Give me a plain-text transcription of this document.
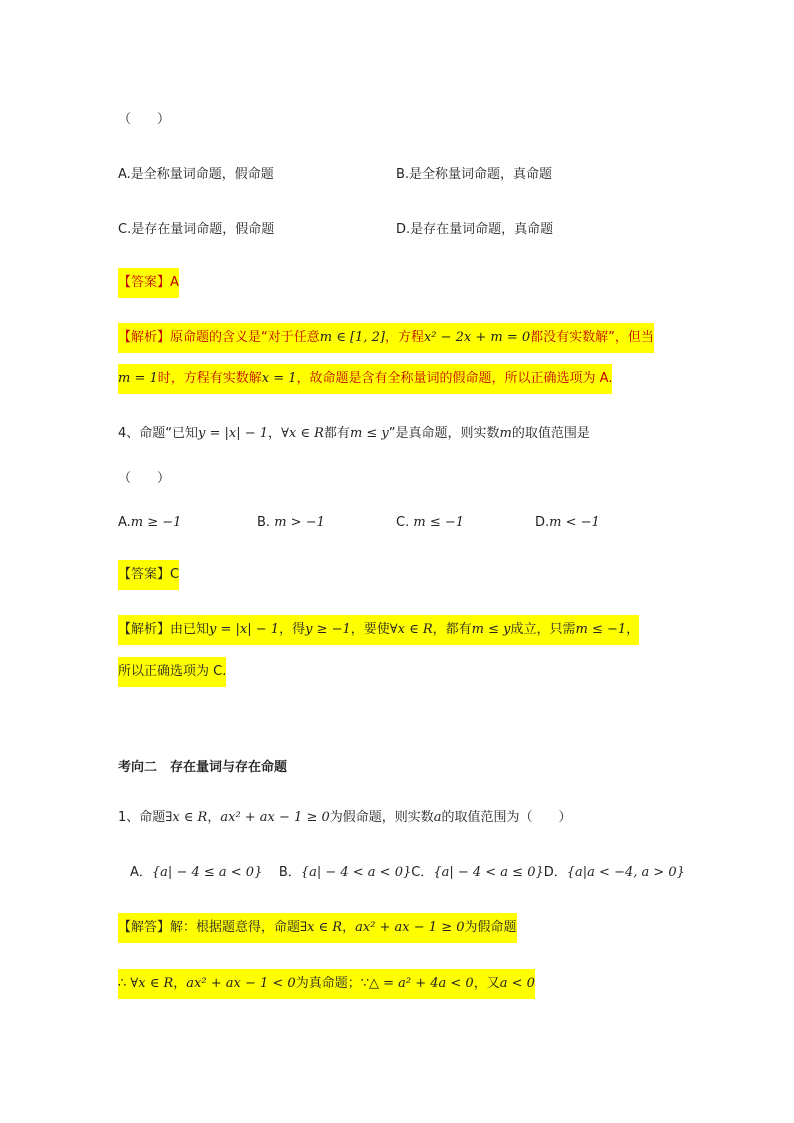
（　　）
A.是全称量词命题，假命题	B.是全称量词命题，真命题
C.是存在量词命题，假命题	D.是存在量词命题，真命题
【答案】A
【解析】原命题的含义是“对于任意m ∈ [1, 2]，方程x² − 2x + m = 0都没有实数解”，但当
m = 1时，方程有实数解x = 1，故命题是含有全称量词的假命题，所以正确选项为 A.
4、命题“已知y = |x| − 1，∀x ∈ R都有m ≤ y”是真命题，则实数m的取值范围是
（　　）
A.m ≥ −1	B. m > −1	C. m ≤ −1	D.m < −1
【答案】C
【解析】由已知y = |x| − 1，得y ≥ −1，要使∀x ∈ R，都有m ≤ y成立，只需m ≤ −1，
所以正确选项为 C.
考向二　存在量词与存在命题
1、命题∃x ∈ R，ax² + ax − 1 ≥ 0为假命题，则实数a的取值范围为（　　）
A．{a| − 4 ≤ a < 0} B．{a| − 4 < a < 0}C．{a| − 4 < a ≤ 0}D．{a|a < −4, a > 0}
【解答】解：根据题意得，命题∃x ∈ R，ax² + ax − 1 ≥ 0为假命题
∴ ∀x ∈ R，ax² + ax − 1 < 0为真命题；∵△ = a² + 4a < 0，又a < 0
